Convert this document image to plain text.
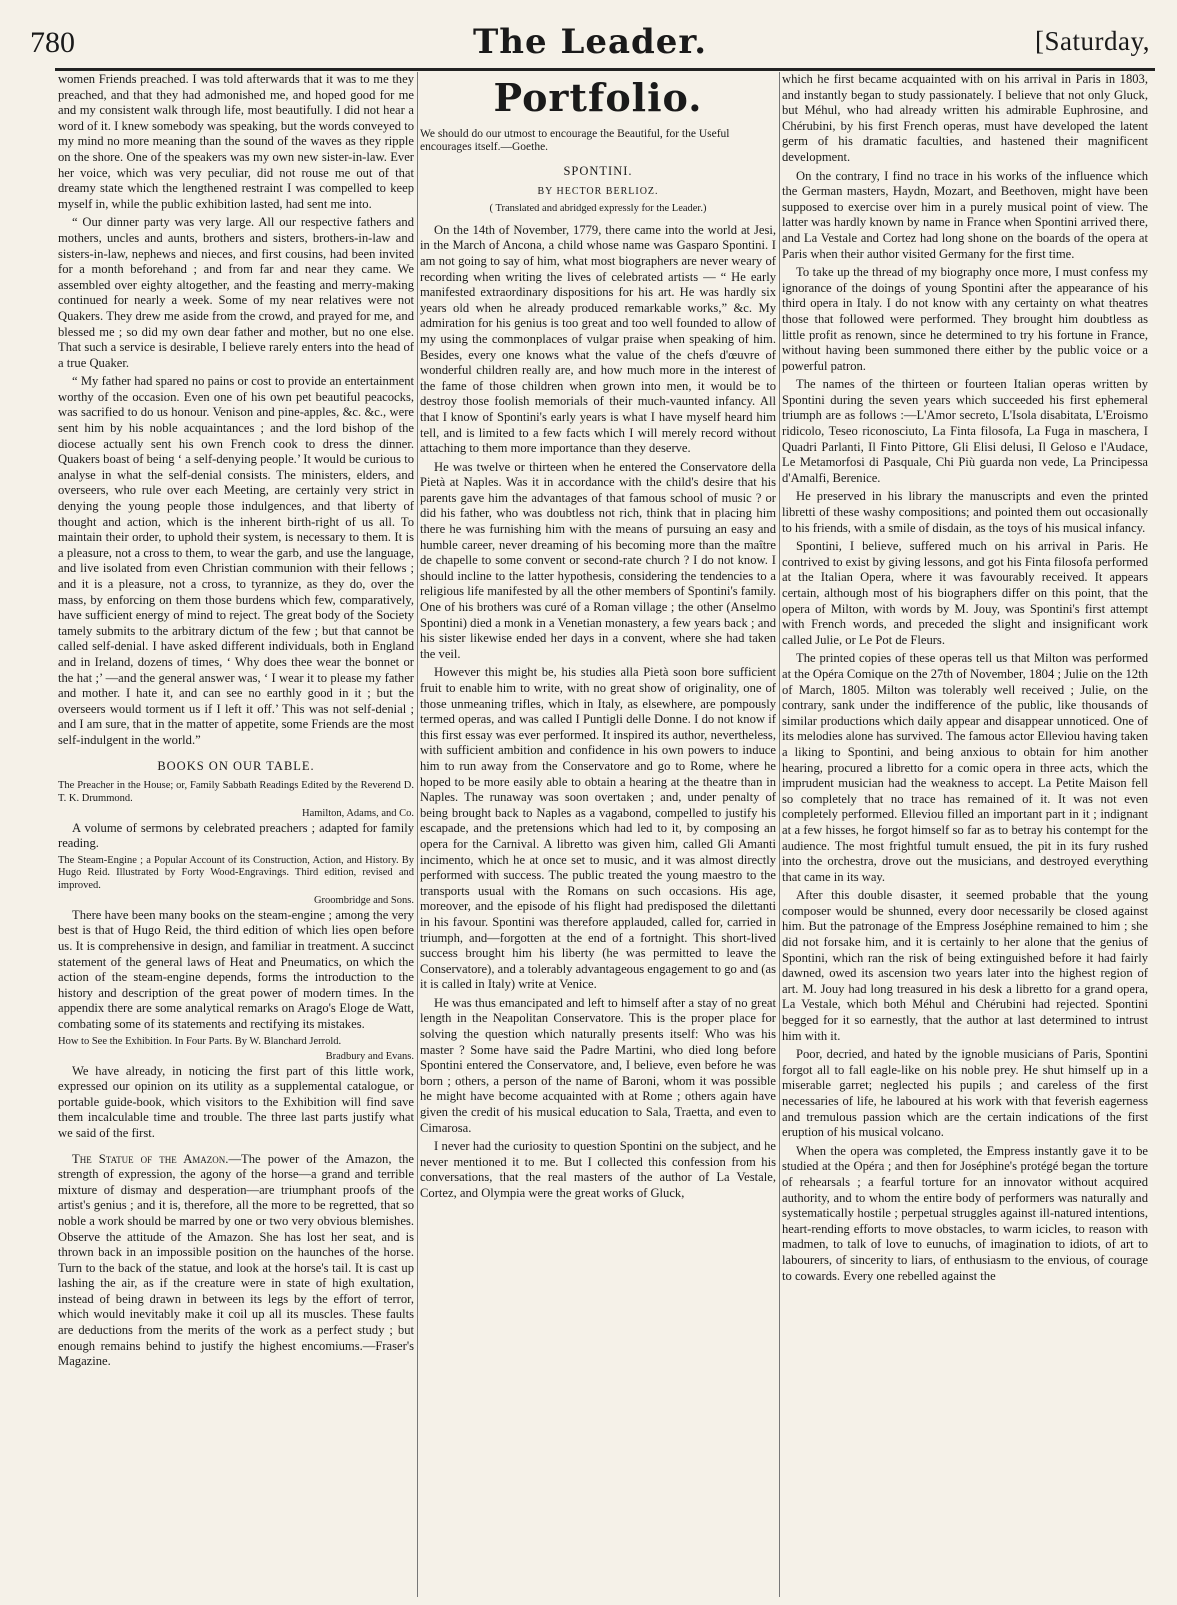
780	The Leader.	[Saturday,

women Friends preached. I was told afterwards that it was to me they preached, and that they had admonished me, and hoped good for me and my consistent walk through life, most beautifully. I did not hear a word of it. I knew somebody was speaking, but the words conveyed to my mind no more meaning than the sound of the waves as they ripple on the shore. One of the speakers was my own new sister-in-law. Ever her voice, which was very peculiar, did not rouse me out of that dreamy state which the lengthened restraint I was compelled to keep myself in, while the public exhibition lasted, had sent me into.

“ Our dinner party was very large. All our respective fathers and mothers, uncles and aunts, brothers and sisters, brothers-in-law and sisters-in-law, nephews and nieces, and first cousins, had been invited for a month beforehand ; and from far and near they came. We assembled over eighty altogether, and the feasting and merry-making continued for nearly a week. Some of my near relatives were not Quakers. They drew me aside from the crowd, and prayed for me, and blessed me ; so did my own dear father and mother, but no one else. That such a service is desirable, I believe rarely enters into the head of a true Quaker.

“ My father had spared no pains or cost to provide an entertainment worthy of the occasion. Even one of his own pet beautiful peacocks, was sacrified to do us honour. Venison and pine-apples, &c. &c., were sent him by his noble acquaintances ; and the lord bishop of the diocese actually sent his own French cook to dress the dinner. Quakers boast of being ‘ a self-denying people.’ It would be curious to analyse in what the self-denial consists. The ministers, elders, and overseers, who rule over each Meeting, are certainly very strict in denying the young people those indulgences, and that liberty of thought and action, which is the inherent birth-right of us all. To maintain their order, to uphold their system, is necessary to them. It is a pleasure, not a cross to them, to wear the garb, and use the language, and live isolated from even Christian communion with their fellows ; and it is a pleasure, not a cross, to tyrannize, as they do, over the mass, by enforcing on them those burdens which few, comparatively, have sufficient energy of mind to reject. The great body of the Society tamely submits to the arbitrary dictum of the few ; but that cannot be called self-denial. I have asked different individuals, both in England and in Ireland, dozens of times, ‘ Why does thee wear the bonnet or the hat ;’ —and the general answer was, ‘ I wear it to please my father and mother. I hate it, and can see no earthly good in it ; but the overseers would torment us if I left it off.’ This was not self-denial ; and I am sure, that in the matter of appetite, some Friends are the most self-indulgent in the world.”

BOOKS ON OUR TABLE.

The Preacher in the House; or, Family Sabbath Readings Edited by the Reverend D. T. K. Drummond.

Hamilton, Adams, and Co.

A volume of sermons by celebrated preachers ; adapted for family reading.

The Steam-Engine ; a Popular Account of its Construction, Action, and History. By Hugo Reid. Illustrated by Forty Wood-Engravings. Third edition, revised and improved.

Groombridge and Sons.

There have been many books on the steam-engine ; among the very best is that of Hugo Reid, the third edition of which lies open before us. It is comprehensive in design, and familiar in treatment. A succinct statement of the general laws of Heat and Pneumatics, on which the action of the steam-engine depends, forms the introduction to the history and description of the great power of modern times. In the appendix there are some analytical remarks on Arago's Eloge de Watt, combating some of its statements and rectifying its mistakes.

How to See the Exhibition. In Four Parts. By W. Blanchard Jerrold.

Bradbury and Evans.

We have already, in noticing the first part of this little work, expressed our opinion on its utility as a supplemental catalogue, or portable guide-book, which visitors to the Exhibition will find save them incalculable time and trouble. The three last parts justify what we said of the first.

The Statue of the Amazon.—The power of the Amazon, the strength of expression, the agony of the horse—a grand and terrible mixture of dismay and desperation—are triumphant proofs of the artist's genius ; and it is, therefore, all the more to be regretted, that so noble a work should be marred by one or two very obvious blemishes. Observe the attitude of the Amazon. She has lost her seat, and is thrown back in an impossible position on the haunches of the horse. Turn to the back of the statue, and look at the horse's tail. It is cast up lashing the air, as if the creature were in state of high exultation, instead of being drawn in between its legs by the effort of terror, which would inevitably make it coil up all its muscles. These faults are deductions from the merits of the work as a perfect study ; but enough remains behind to justify the highest encomiums.—Fraser's Magazine.

Portfolio.
We should do our utmost to encourage the Beautiful, for the Useful encourages itself.—Goethe.
SPONTINI.
BY HECTOR BERLIOZ.
( Translated and abridged expressly for the Leader.)

On the 14th of November, 1779, there came into the world at Jesi, in the March of Ancona, a child whose name was Gasparo Spontini. I am not going to say of him, what most biographers are never weary of recording when writing the lives of celebrated artists — “ He early manifested extraordinary dispositions for his art. He was hardly six years old when he already produced remarkable works,” &c. My admiration for his genius is too great and too well founded to allow of my using the commonplaces of vulgar praise when speaking of him. Besides, every one knows what the value of the chefs d'œuvre of wonderful children really are, and how much more in the interest of the fame of those children when grown into men, it would be to destroy those foolish memorials of their much-vaunted infancy. All that I know of Spontini's early years is what I have myself heard him tell, and is limited to a few facts which I will merely record without attaching to them more importance than they deserve.

He was twelve or thirteen when he entered the Conservatore della Pietà at Naples. Was it in accordance with the child's desire that his parents gave him the advantages of that famous school of music ? or did his father, who was doubtless not rich, think that in placing him there he was furnishing him with the means of pursuing an easy and humble career, never dreaming of his becoming more than the maître de chapelle to some convent or second-rate church ? I do not know. I should incline to the latter hypothesis, considering the tendencies to a religious life manifested by all the other members of Spontini's family. One of his brothers was curé of a Roman village ; the other (Anselmo Spontini) died a monk in a Venetian monastery, a few years back ; and his sister likewise ended her days in a convent, where she had taken the veil.

However this might be, his studies alla Pietà soon bore sufficient fruit to enable him to write, with no great show of originality, one of those unmeaning trifles, which in Italy, as elsewhere, are pompously termed operas, and was called I Puntigli delle Donne. I do not know if this first essay was ever performed. It inspired its author, nevertheless, with sufficient ambition and confidence in his own powers to induce him to run away from the Conservatore and go to Rome, where he hoped to be more easily able to obtain a hearing at the theatre than in Naples. The runaway was soon overtaken ; and, under penalty of being brought back to Naples as a vagabond, compelled to justify his escapade, and the pretensions which had led to it, by composing an opera for the Carnival. A libretto was given him, called Gli Amanti incimento, which he at once set to music, and it was almost directly performed with success. The public treated the young maestro to the transports usual with the Romans on such occasions. His age, moreover, and the episode of his flight had predisposed the dilettanti in his favour. Spontini was therefore applauded, called for, carried in triumph, and—forgotten at the end of a fortnight. This short-lived success brought him his liberty (he was permitted to leave the Conservatore), and a tolerably advantageous engagement to go and (as it is called in Italy) write at Venice.

He was thus emancipated and left to himself after a stay of no great length in the Neapolitan Conservatore. This is the proper place for solving the question which naturally presents itself: Who was his master ? Some have said the Padre Martini, who died long before Spontini entered the Conservatore, and, I believe, even before he was born ; others, a person of the name of Baroni, whom it was possible he might have become acquainted with at Rome ; others again have given the credit of his musical education to Sala, Traetta, and even to Cimarosa.

I never had the curiosity to question Spontini on the subject, and he never mentioned it to me. But I collected this confession from his conversations, that the real masters of the author of La Vestale, Cortez, and Olympia were the great works of Gluck,

which he first became acquainted with on his arrival in Paris in 1803, and instantly began to study passionately. I believe that not only Gluck, but Méhul, who had already written his admirable Euphrosine, and Chérubini, by his first French operas, must have developed the latent germ of his dramatic faculties, and hastened their magnificent development.

On the contrary, I find no trace in his works of the influence which the German masters, Haydn, Mozart, and Beethoven, might have been supposed to exercise over him in a purely musical point of view. The latter was hardly known by name in France when Spontini arrived there, and La Vestale and Cortez had long shone on the boards of the opera at Paris when their author visited Germany for the first time.

To take up the thread of my biography once more, I must confess my ignorance of the doings of young Spontini after the appearance of his third opera in Italy. I do not know with any certainty on what theatres those that followed were performed. They brought him doubtless as little profit as renown, since he determined to try his fortune in France, without having been summoned there either by the public voice or a powerful patron.

The names of the thirteen or fourteen Italian operas written by Spontini during the seven years which succeeded his first ephemeral triumph are as follows :—L'Amor secreto, L'Isola disabitata, L'Eroismo ridicolo, Teseo riconosciuto, La Finta filosofa, La Fuga in maschera, I Quadri Parlanti, Il Finto Pittore, Gli Elisi delusi, Il Geloso e l'Audace, Le Metamorfosi di Pasquale, Chi Più guarda non vede, La Principessa d'Amalfi, Berenice.

He preserved in his library the manuscripts and even the printed libretti of these washy compositions; and pointed them out occasionally to his friends, with a smile of disdain, as the toys of his musical infancy.

Spontini, I believe, suffered much on his arrival in Paris. He contrived to exist by giving lessons, and got his Finta filosofa performed at the Italian Opera, where it was favourably received. It appears certain, although most of his biographers differ on this point, that the opera of Milton, with words by M. Jouy, was Spontini's first attempt with French words, and preceded the slight and insignificant work called Julie, or Le Pot de Fleurs.

The printed copies of these operas tell us that Milton was performed at the Opéra Comique on the 27th of November, 1804 ; Julie on the 12th of March, 1805. Milton was tolerably well received ; Julie, on the contrary, sank under the indifference of the public, like thousands of similar productions which daily appear and disappear unnoticed. One of its melodies alone has survived. The famous actor Elleviou having taken a liking to Spontini, and being anxious to obtain for him another hearing, procured a libretto for a comic opera in three acts, which the imprudent musician had the weakness to accept. La Petite Maison fell so completely that no trace has remained of it. It was not even completely performed. Elleviou filled an important part in it ; indignant at a few hisses, he forgot himself so far as to betray his contempt for the audience. The most frightful tumult ensued, the pit in its fury rushed into the orchestra, drove out the musicians, and destroyed everything that came in its way.

After this double disaster, it seemed probable that the young composer would be shunned, every door necessarily be closed against him. But the patronage of the Empress Joséphine remained to him ; she did not forsake him, and it is certainly to her alone that the genius of Spontini, which ran the risk of being extinguished before it had fairly dawned, owed its ascension two years later into the highest region of art. M. Jouy had long treasured in his desk a libretto for a grand opera, La Vestale, which both Méhul and Chérubini had rejected. Spontini begged for it so earnestly, that the author at last determined to intrust him with it.

Poor, decried, and hated by the ignoble musicians of Paris, Spontini forgot all to fall eagle-like on his noble prey. He shut himself up in a miserable garret; neglected his pupils ; and careless of the first necessaries of life, he laboured at his work with that feverish eagerness and tremulous passion which are the certain indications of the first eruption of his musical volcano.

When the opera was completed, the Empress instantly gave it to be studied at the Opéra ; and then for Joséphine's protégé began the torture of rehearsals ; a fearful torture for an innovator without acquired authority, and to whom the entire body of performers was naturally and systematically hostile ; perpetual struggles against ill-natured intentions, heart-rending efforts to move obstacles, to warm icicles, to reason with madmen, to talk of love to eunuchs, of imagination to idiots, of art to labourers, of sincerity to liars, of enthusiasm to the envious, of courage to cowards. Every one rebelled against the
